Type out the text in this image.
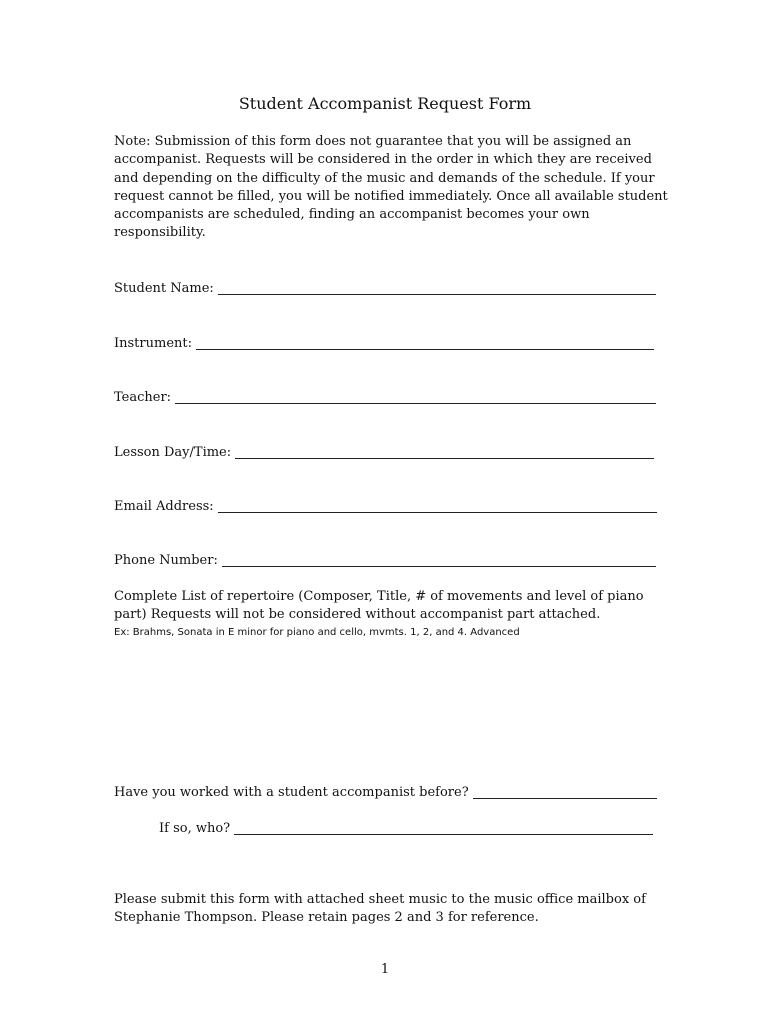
Student Accompanist Request Form
Note: Submission of this form does not guarantee that you will be assigned an
accompanist. Requests will be considered in the order in which they are received
and depending on the difficulty of the music and demands of the schedule. If your
request cannot be filled, you will be notified immediately. Once all available student
accompanists are scheduled, finding an accompanist becomes your own
responsibility.
Student Name:
Instrument:
Teacher:
Lesson Day/Time:
Email Address:
Phone Number:
Complete List of repertoire (Composer, Title, # of movements and level of piano
part) Requests will not be considered without accompanist part attached.
Ex: Brahms, Sonata in E minor for piano and cello, mvmts. 1, 2, and 4. Advanced
Have you worked with a student accompanist before?
If so, who?
Please submit this form with attached sheet music to the music office mailbox of
Stephanie Thompson. Please retain pages 2 and 3 for reference.
1
